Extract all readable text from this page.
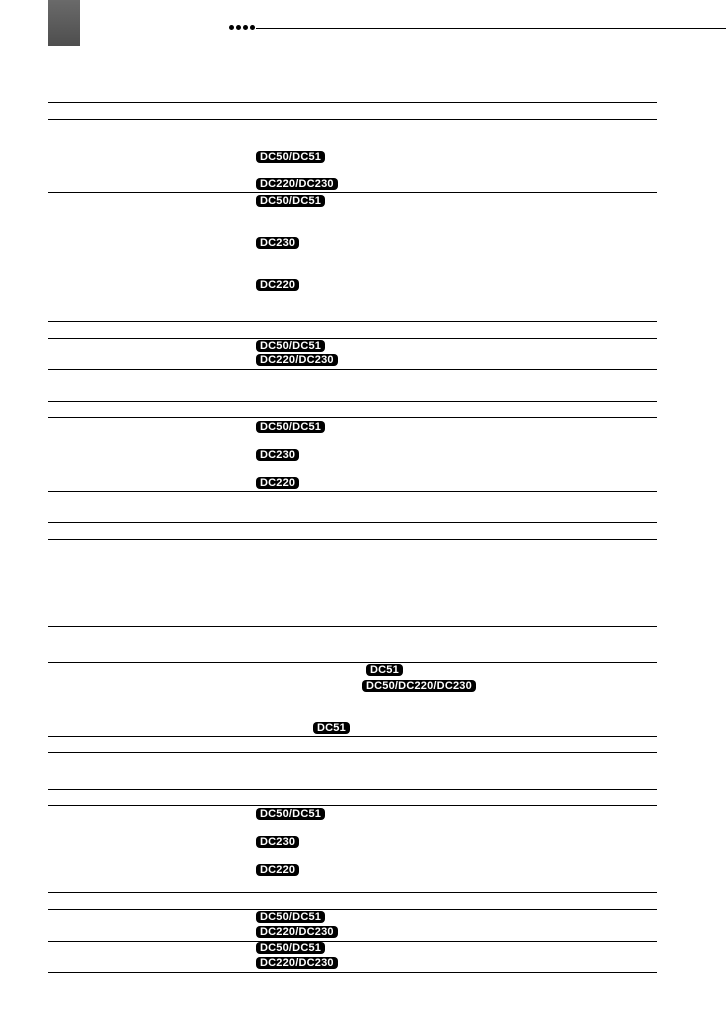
DC50/DC51
DC220/DC230
DC50/DC51
DC230
DC220
DC50/DC51
DC220/DC230
DC50/DC51
DC230
DC220
DC51
DC50/DC220/DC230
DC51
DC50/DC51
DC230
DC220
DC50/DC51
DC220/DC230
DC50/DC51
DC220/DC230
